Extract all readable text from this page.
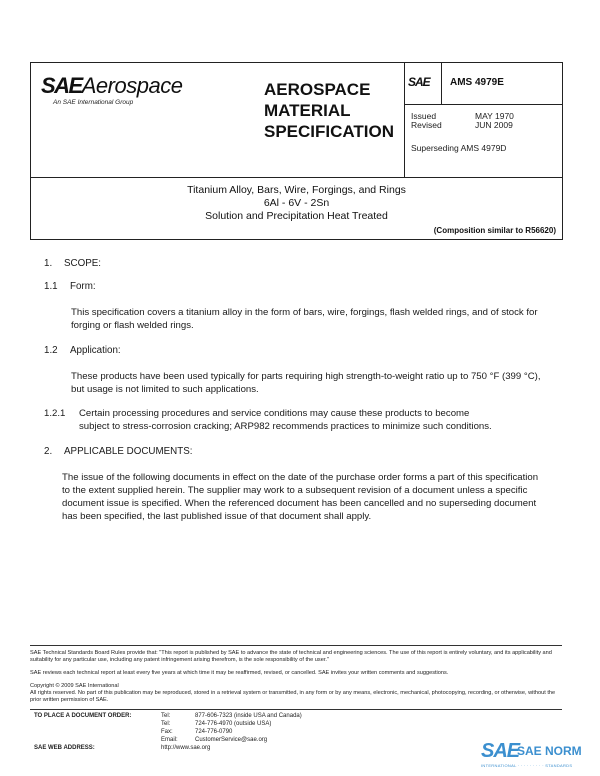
SAEAerospace
An SAE International Group
AEROSPACE
MATERIAL
SPECIFICATION
SAE AMS 4979E
Issued	MAY 1970
Revised	JUN 2009
Superseding AMS 4979D
Titanium Alloy, Bars, Wire, Forgings, and Rings
6Al - 6V - 2Sn
Solution and Precipitation Heat Treated
(Composition similar to R56620)
1. SCOPE:
1.1 Form:
This specification covers a titanium alloy in the form of bars, wire, forgings, flash welded rings, and of stock for forging or flash welded rings.
1.2 Application:
These products have been used typically for parts requiring high strength-to-weight ratio up to 750 °F (399 °C), but usage is not limited to such applications.
1.2.1 Certain processing procedures and service conditions may cause these products to become
subject to stress-corrosion cracking; ARP982 recommends practices to minimize such conditions.
2. APPLICABLE DOCUMENTS:
The issue of the following documents in effect on the date of the purchase order forms a part of this specification to the extent supplied herein. The supplier may work to a subsequent revision of a document unless a specific document issue is specified. When the referenced document has been cancelled and no superseding document has been specified, the last published issue of that document shall apply.
SAE Technical Standards Board Rules provide that: "This report is published by SAE to advance the state of technical and engineering sciences. The use of this report is entirely voluntary, and its applicability and suitability for any particular use, including any patent infringement arising therefrom, is the sole responsibility of the user."
SAE reviews each technical report at least every five years at which time it may be reaffirmed, revised, or cancelled. SAE invites your written comments and suggestions.
Copyright © 2009 SAE International
All rights reserved. No part of this publication may be reproduced, stored in a retrieval system or transmitted, in any form or by any means, electronic, mechanical, photocopying, recording, or otherwise, without the prior written permission of SAE.
TO PLACE A DOCUMENT ORDER:	Tel:	877-606-7323 (inside USA and Canada)
Tel:	724-776-4970 (outside USA)
Fax:	724-776-0790
Email:	CustomerService@sae.org
SAE WEB ADDRESS:	http://www.sae.org	SAE
SAE NORM
INTERNATIONAL · · · · · · · · · STANDARDS
